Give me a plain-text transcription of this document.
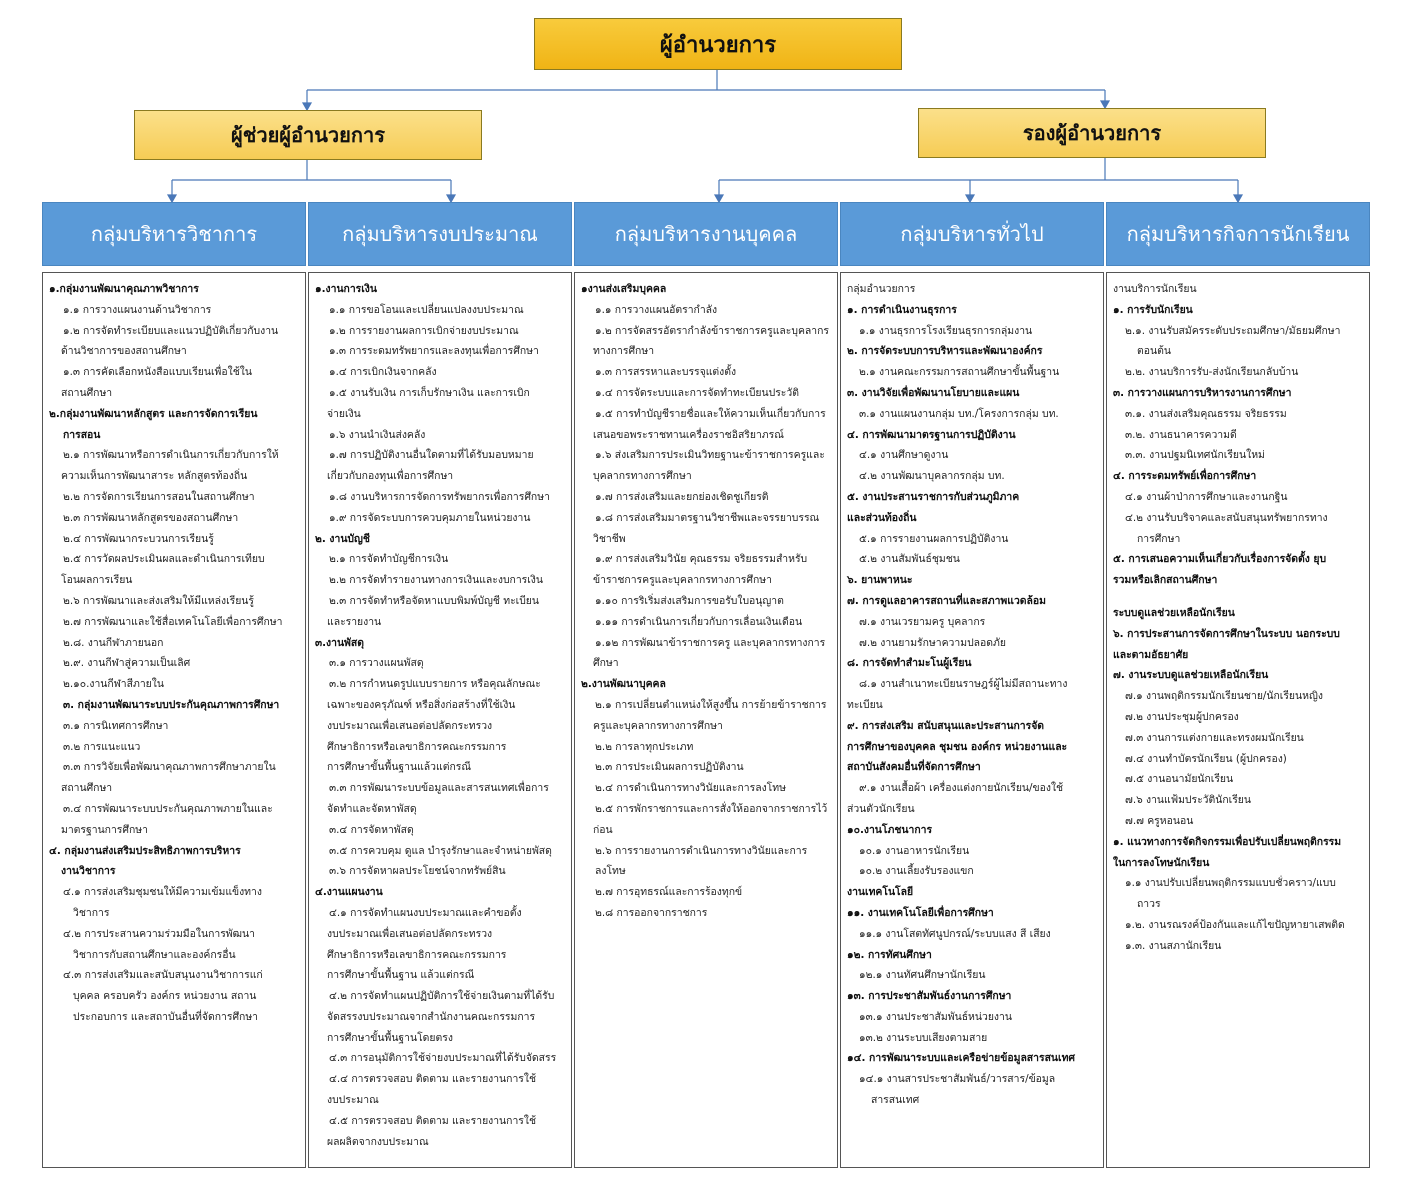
ผู้อำนวยการ
ผู้ช่วยผู้อำนวยการ	รองผู้อำนวยการ
กลุ่มบริหารวิชาการ	กลุ่มบริหารงบประมาณ	กลุ่มบริหารงานบุคคล	กลุ่มบริหารทั่วไป	กลุ่มบริหารกิจการนักเรียน
๑.กลุ่มงานพัฒนาคุณภาพวิชาการ
๑.๑ การวางแผนงานด้านวิชาการ
๑.๒ การจัดทำระเบียบและแนวปฏิบัติเกี่ยวกับงาน
ด้านวิชาการของสถานศึกษา
๑.๓ การคัดเลือกหนังสือแบบเรียนเพื่อใช้ใน
สถานศึกษา
๒.กลุ่มงานพัฒนาหลักสูตร และการจัดการเรียน
การสอน
๒.๑ การพัฒนาหรือการดำเนินการเกี่ยวกับการให้
ความเห็นการพัฒนาสาระ หลักสูตรท้องถิ่น
๒.๒ การจัดการเรียนการสอนในสถานศึกษา
๒.๓ การพัฒนาหลักสูตรของสถานศึกษา
๒.๔ การพัฒนากระบวนการเรียนรู้
๒.๕ การวัดผลประเมินผลและดำเนินการเทียบ
โอนผลการเรียน
๒.๖ การพัฒนาและส่งเสริมให้มีแหล่งเรียนรู้
๒.๗ การพัฒนาและใช้สื่อเทคโนโลยีเพื่อการศึกษา
๒.๘. งานกีฬาภายนอก
๒.๙. งานกีฬาสู่ความเป็นเลิศ
๒.๑๐.งานกีฬาสีภายใน
๓. กลุ่มงานพัฒนาระบบประกันคุณภาพการศึกษา
๓.๑ การนิเทศการศึกษา
๓.๒ การแนะแนว
๓.๓ การวิจัยเพื่อพัฒนาคุณภาพการศึกษาภายใน
สถานศึกษา
๓.๔ การพัฒนาระบบประกันคุณภาพภายในและ
มาตรฐานการศึกษา
๔. กลุ่มงานส่งเสริมประสิทธิภาพการบริหาร
งานวิชาการ
๔.๑ การส่งเสริมชุมชนให้มีความเข้มแข็งทาง
วิชาการ
๔.๒ การประสานความร่วมมือในการพัฒนา
วิชาการกับสถานศึกษาและองค์กรอื่น
๔.๓ การส่งเสริมและสนับสนุนงานวิชาการแก่
บุคคล ครอบครัว องค์กร หน่วยงาน สถาน
ประกอบการ และสถาบันอื่นที่จัดการศึกษา
๑.งานการเงิน
๑.๑ การขอโอนและเปลี่ยนแปลงงบประมาณ
๑.๒ การรายงานผลการเบิกจ่ายงบประมาณ
๑.๓ การระดมทรัพยากรและลงทุนเพื่อการศึกษา
๑.๔ การเบิกเงินจากคลัง
๑.๕ งานรับเงิน การเก็บรักษาเงิน และการเบิก
จ่ายเงิน
๑.๖ งานนำเงินส่งคลัง
๑.๗ การปฏิบัติงานอื่นใดตามที่ได้รับมอบหมาย
เกี่ยวกับกองทุนเพื่อการศึกษา
๑.๘ งานบริหารการจัดการทรัพยากรเพื่อการศึกษา
๑.๙ การจัดระบบการควบคุมภายในหน่วยงาน
๒. งานบัญชี
๒.๑ การจัดทำบัญชีการเงิน
๒.๒ การจัดทำรายงานทางการเงินและงบการเงิน
๒.๓ การจัดทำหรือจัดหาแบบพิมพ์บัญชี ทะเบียน
และรายงาน
๓.งานพัสดุ
๓.๑ การวางแผนพัสดุ
๓.๒ การกำหนดรูปแบบรายการ หรือคุณลักษณะ
เฉพาะของครุภัณฑ์ หรือสิ่งก่อสร้างที่ใช้เงิน
งบประมาณเพื่อเสนอต่อปลัดกระทรวง
ศึกษาธิการหรือเลขาธิการคณะกรรมการ
การศึกษาขั้นพื้นฐานแล้วแต่กรณี
๓.๓ การพัฒนาระบบข้อมูลและสารสนเทศเพื่อการ
จัดทำและจัดหาพัสดุ
๓.๔ การจัดหาพัสดุ
๓.๕ การควบคุม ดูแล บำรุงรักษาและจำหน่ายพัสดุ
๓.๖ การจัดหาผลประโยชน์จากทรัพย์สิน
๔.งานแผนงาน
๔.๑ การจัดทำแผนงบประมาณและคำขอตั้ง
งบประมาณเพื่อเสนอต่อปลัดกระทรวง
ศึกษาธิการหรือเลขาธิการคณะกรรมการ
การศึกษาขั้นพื้นฐาน แล้วแต่กรณี
๔.๒ การจัดทำแผนปฏิบัติการใช้จ่ายเงินตามที่ได้รับ
จัดสรรงบประมาณจากสำนักงานคณะกรรมการ
การศึกษาขั้นพื้นฐานโดยตรง
๔.๓ การอนุมัติการใช้จ่ายงบประมาณที่ได้รับจัดสรร
๔.๔ การตรวจสอบ ติดตาม และรายงานการใช้
งบประมาณ
๔.๕ การตรวจสอบ ติดตาม และรายงานการใช้
ผลผลิตจากงบประมาณ
๑งานส่งเสริมบุคคล
๑.๑ การวางแผนอัตรากำลัง
๑.๒ การจัดสรรอัตรากำลังข้าราชการครูและบุคลากร
ทางการศึกษา
๑.๓ การสรรหาและบรรจุแต่งตั้ง
๑.๔ การจัดระบบและการจัดทำทะเบียนประวัติ
๑.๕ การทำบัญชีรายชื่อและให้ความเห็นเกี่ยวกับการ
เสนอขอพระราชทานเครื่องราชอิสริยาภรณ์
๑.๖ ส่งเสริมการประเมินวิทยฐานะข้าราชการครูและ
บุคลากรทางการศึกษา
๑.๗ การส่งเสริมและยกย่องเชิดชูเกียรติ
๑.๘ การส่งเสริมมาตรฐานวิชาชีพและจรรยาบรรณ
วิชาชีพ
๑.๙ การส่งเสริมวินัย คุณธรรม จริยธรรมสำหรับ
ข้าราชการครูและบุคลากรทางการศึกษา
๑.๑๐ การริเริ่มส่งเสริมการขอรับใบอนุญาต
๑.๑๑ การดำเนินการเกี่ยวกับการเลื่อนเงินเดือน
๑.๑๒ การพัฒนาข้าราชการครู และบุคลากรทางการ
ศึกษา
๒.งานพัฒนาบุคคล
๒.๑ การเปลี่ยนตำแหน่งให้สูงขึ้น การย้ายข้าราชการ
ครูและบุคลากรทางการศึกษา
๒.๒ การลาทุกประเภท
๒.๓ การประเมินผลการปฏิบัติงาน
๒.๔ การดำเนินการทางวินัยและการลงโทษ
๒.๕ การพักราชการและการสั่งให้ออกจากราชการไว้
ก่อน
๒.๖ การรายงานการดำเนินการทางวินัยและการลงโทษ
๒.๗ การอุทธรณ์และการร้องทุกข์
๒.๘ การออกจากราชการ
กลุ่มอำนวยการ
๑. การดำเนินงานธุรการ
๑.๑ งานธุรการโรงเรียนธุรการกลุ่มงาน
๒. การจัดระบบการบริหารและพัฒนาองค์กร
๒.๑ งานคณะกรรมการสถานศึกษาขั้นพื้นฐาน
๓. งานวิจัยเพื่อพัฒนานโยบายและแผน
๓.๑ งานแผนงานกลุ่ม บท./โครงการกลุ่ม บท.
๔. การพัฒนามาตรฐานการปฏิบัติงาน
๔.๑ งานศึกษาดูงาน
๔.๒ งานพัฒนาบุคลากรกลุ่ม บท.
๕. งานประสานราชการกับส่วนภูมิภาค
และส่วนท้องถิ่น
๕.๑ การรายงานผลการปฏิบัติงาน
๕.๒ งานสัมพันธ์ชุมชน
๖. ยานพาหนะ
๗. การดูแลอาคารสถานที่และสภาพแวดล้อม
๗.๑ งานเวรยามครู บุคลากร
๗.๒ งานยามรักษาความปลอดภัย
๘. การจัดทำสำมะโนผู้เรียน
๘.๑ งานสำเนาทะเบียนราษฎร์ผู้ไม่มีสถานะทาง
ทะเบียน
๙. การส่งเสริม สนับสนุนและประสานการจัด
การศึกษาของบุคคล ชุมชน องค์กร หน่วยงานและ
สถาบันสังคมอื่นที่จัดการศึกษา
๙.๑ งานเสื้อผ้า เครื่องแต่งกายนักเรียน/ของใช้
ส่วนตัวนักเรียน
๑๐.งานโภชนาการ
๑๐.๑ งานอาหารนักเรียน
๑๐.๒ งานเลี้ยงรับรองแขก
งานเทคโนโลยี
๑๑. งานเทคโนโลยีเพื่อการศึกษา
๑๑.๑ งานโสตทัศนูปกรณ์/ระบบแสง สี เสียง
๑๒. การทัศนศึกษา
๑๒.๑ งานทัศนศึกษานักเรียน
๑๓. การประชาสัมพันธ์งานการศึกษา
๑๓.๑ งานประชาสัมพันธ์หน่วยงาน
๑๓.๒ งานระบบเสียงตามสาย
๑๔. การพัฒนาระบบและเครือข่ายข้อมูลสารสนเทศ
๑๔.๑ งานสารประชาสัมพันธ์/วารสาร/ข้อมูล
สารสนเทศ
งานบริการนักเรียน
๑. การรับนักเรียน
๒.๑. งานรับสมัครระดับประถมศึกษา/มัธยมศึกษา
ตอนต้น
๒.๒. งานบริการรับ-ส่งนักเรียนกลับบ้าน
๓. การวางแผนการบริหารงานการศึกษา
๓.๑. งานส่งเสริมคุณธรรม จริยธรรม
๓.๒. งานธนาคารความดี
๓.๓. งานปฐมนิเทศนักเรียนใหม่
๔. การระดมทรัพย์เพื่อการศึกษา
๔.๑ งานผ้าป่าการศึกษาและงานกฐิน
๔.๒ งานรับบริจาคและสนับสนุนทรัพยากรทาง
การศึกษา
๕. การเสนอความเห็นเกี่ยวกับเรื่องการจัดตั้ง ยุบ
รวมหรือเลิกสถานศึกษา
ระบบดูแลช่วยเหลือนักเรียน
๖. การประสานการจัดการศึกษาในระบบ นอกระบบ
และตามอัธยาศัย
๗. งานระบบดูแลช่วยเหลือนักเรียน
๗.๑ งานพฤติกรรมนักเรียนชาย/นักเรียนหญิง
๗.๒ งานประชุมผู้ปกครอง
๗.๓ งานการแต่งกายและทรงผมนักเรียน
๗.๔ งานทำบัตรนักเรียน (ผู้ปกครอง)
๗.๕ งานอนามัยนักเรียน
๗.๖ งานแฟ้มประวัตินักเรียน
๗.๗ ครูหอนอน
๑. แนวทางการจัดกิจกรรมเพื่อปรับเปลี่ยนพฤติกรรม
ในการลงโทษนักเรียน
๑.๑ งานปรับเปลี่ยนพฤติกรรมแบบชั่วคราว/แบบ
ถาวร
๑.๒. งานรณรงค์ป้องกันและแก้ไขปัญหายาเสพติด
๑.๓. งานสภานักเรียน
